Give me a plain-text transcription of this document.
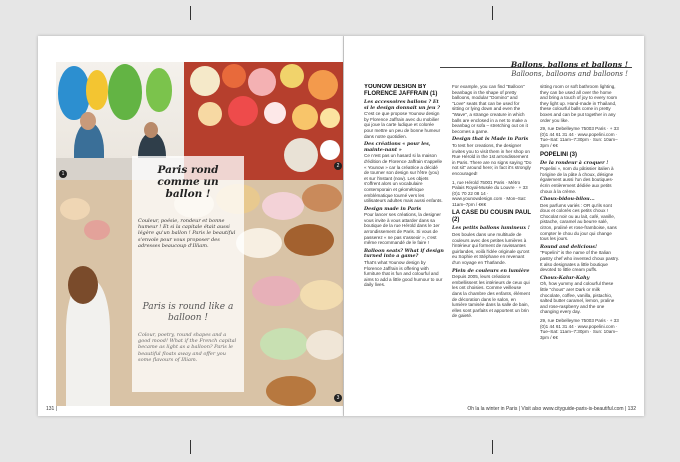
Paris rond comme un ballon !
Couleur, poésie, rondeur et bonne humeur ! Et si la capitale était aussi légère qu'un ballon ! Paris le beautiful s'envole pour vous proposer des adresses beaucoup d'Illiam.
Paris is round like a balloon !
Colour, poetry, round shapes and a good mood! What if the French capital became as light as a balloon? Paris le beautiful floats away and offer you some flavours of Illiam.
1
2
3
131 |
Ballons, ballons et ballons !
Balloons, balloons and balloons !
YOUNOW DESIGN BY FLORENCE JAFFRAIN (1)
Les accessoires ballons ? Et si le design donnait un jeu ?

C'est ce que propose Younow design by Florence Jaffrain avec du mobilier qui joue la carte ludique et colorée pour mettre un peu de bonne humeur dans notre quotidien.

Des créations « pour les, mainte-nant »

Ce n'est pas un hasard si la maison d'édition de Florence Jaffrain s'appelle « Younow » car la créatrice a décidé de tourner son design sur l'être (you) et sur l'instant (now). Les objets s'offrent alors un vocabulaire contemporain et géométrique emblématique tourné vers les utilisateurs adultes mais aussi enfants.

Design made in Paris

Pour lancer ses créations, la designer vous invite à vous attarder dans sa boutique de la rue Hérold dans le 1er arrondissement de Paris. Si vous de passerez « ne pas s'asseoir », c'est même recommandé de le faire !

Balloon seats? What if design turned into a game?

That's what Younow design by Florence Jaffrain is offering with furniture that is fun and colourful and aims to add a little good humour to our daily lives.

For example, you can find "Balloon" beanbags in the shape of pretty balloons, modular "Domino" and "Love" seats that can be used for sitting or lying down and even the "Wave", a strange creature in which balls are enclosed in a net to make a beanbag or sofa – stretching out on it becomes a game.

Design that is Made in Paris

To test her creations, the designer invites you to visit them in her shop on Rue Hérold in the 1st arrondissement in Paris. There are no signs saying "Do not sit" around here; in fact it's strongly encouraged!

1, rue Hérold 75001 Paris · Métro Palais Royal-Musée du Louvre · + 33 (0)1 70 22 08 14 · www.younowdesign.com · Mon–Sat: 11am–7pm / €€€

LA CASE DU COUSIN PAUL (2)
Les petits ballons lumineux !

Des boules dans une multitude de couleurs avec des petites lumières à l'intérieur qui forment de ravissantes guirlandes, voilà l'idée originale qu'ont eu Sophie et Stéphane en revenant d'un voyage en Thaïlande.

Plein de couleurs en lumière

Depuis 2005, leurs créations embellissent les intérieurs de ceux qui les ont choisies. Comme veilleuse dans la chambre des enfants, élément de décoration dans le salon, en lumière tamisée dans la salle de bain, elles sont parfaits et apportent un brin de gaieté.

sitting room or soft bathroom lighting, they can be used all over the home and bring a touch of joy to every room they light up. Hand-made in Thailand, these colourful balls come in pretty boxes and can be put together in any order you like.

29, rue Debelleyme 75003 Paris · + 33 (0)1 44 61 31 44 · www.popelini.com · Tue–Sat: 11am–7:30pm · Sun: 10am–3pm / €€

POPELINI (3)
De la rondeur à croquer !

Popelini », nom du pâtissier italien à l'origine de la pâte à choux, désigne également aussi l'un des boutiques-écrin entièrement dédiée aux petits choux à la crème.

Choux-bidou-bilou...

Des parfums variés : OR qu'ils sont doux et colorés ces petits choux ! Chocolat noir ou au lait, café, vanille, pistache, caramel au beurre salé, citron, praliné et rose-framboise, sans compter le chou du jour qui change tous les jours.

Round and delicious!

"Popelini" is the name of the Italian pastry chef who invented choux pastry. It also designates a little boutique devoted to little cream puffs.

Choux-Kalur-Kahy

Oh, how yummy and colourful these little "chous" are! Dark or milk chocolate, coffee, vanilla, pistachio, salted butter caramel, lemon, praline and rose-raspberry and the one changing every day.

29, rue Debelleyme 75003 Paris · + 33 (0)1 44 61 31 44 · www.popelini.com · Tue–Sat: 11am–7:30pm · Sun: 10am–3pm / €€

Oh la la winter in Paris | Visit also www.cityguide-paris-is-beautiful.com | 132
